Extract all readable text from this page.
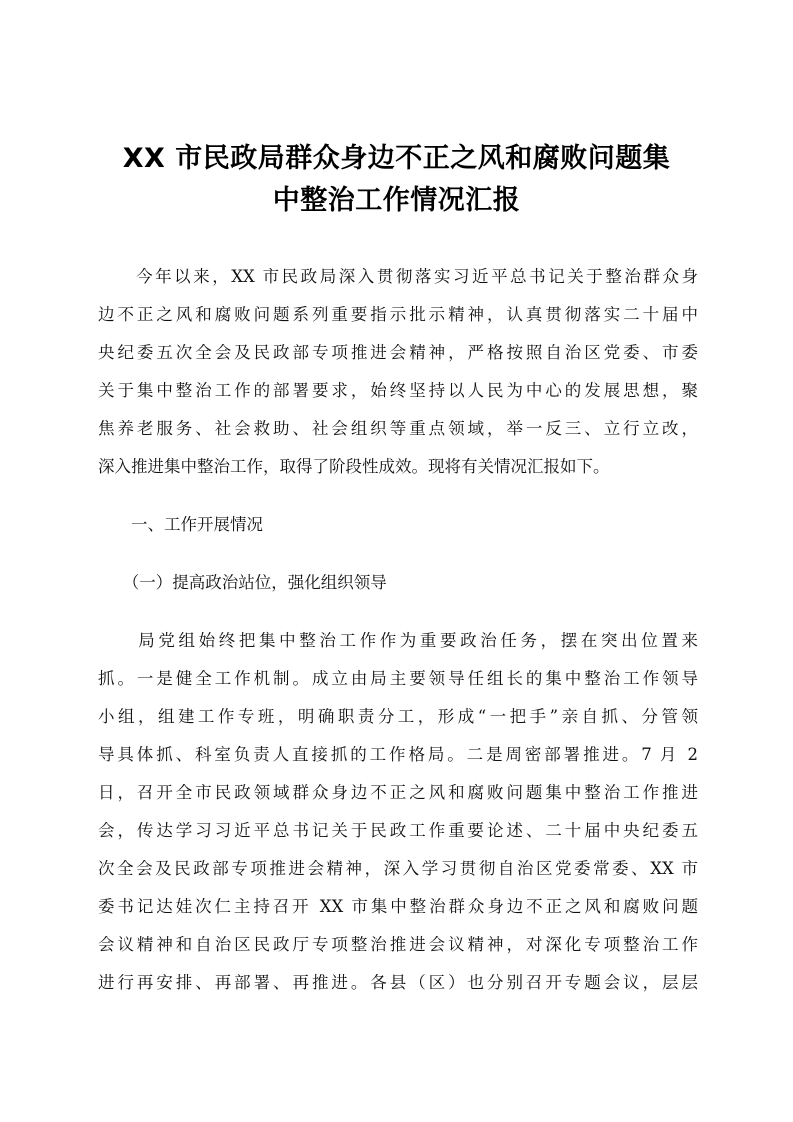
XX 市民政局群众身边不正之风和腐败问题集
中整治工作情况汇报

　　今年以来，XX 市民政局深入贯彻落实习近平总书记关于整治群众身
边不正之风和腐败问题系列重要指示批示精神，认真贯彻落实二十届中
央纪委五次全会及民政部专项推进会精神，严格按照自治区党委、市委
关于集中整治工作的部署要求，始终坚持以人民为中心的发展思想，聚
焦养老服务、社会救助、社会组织等重点领域，举一反三、立行立改，
深入推进集中整治工作，取得了阶段性成效。现将有关情况汇报如下。

　　一、工作开展情况

　　（一）提高政治站位，强化组织领导

　　局党组始终把集中整治工作作为重要政治任务，摆在突出位置来
抓。一是健全工作机制。成立由局主要领导任组长的集中整治工作领导
小组，组建工作专班，明确职责分工，形成“一把手”亲自抓、分管领
导具体抓、科室负责人直接抓的工作格局。二是周密部署推进。7 月 2
日，召开全市民政领域群众身边不正之风和腐败问题集中整治工作推进
会，传达学习习近平总书记关于民政工作重要论述、二十届中央纪委五
次全会及民政部专项推进会精神，深入学习贯彻自治区党委常委、XX 市
委书记达娃次仁主持召开 XX 市集中整治群众身边不正之风和腐败问题
会议精神和自治区民政厅专项整治推进会议精神，对深化专项整治工作
进行再安排、再部署、再推进。各县（区）也分别召开专题会议，层层
